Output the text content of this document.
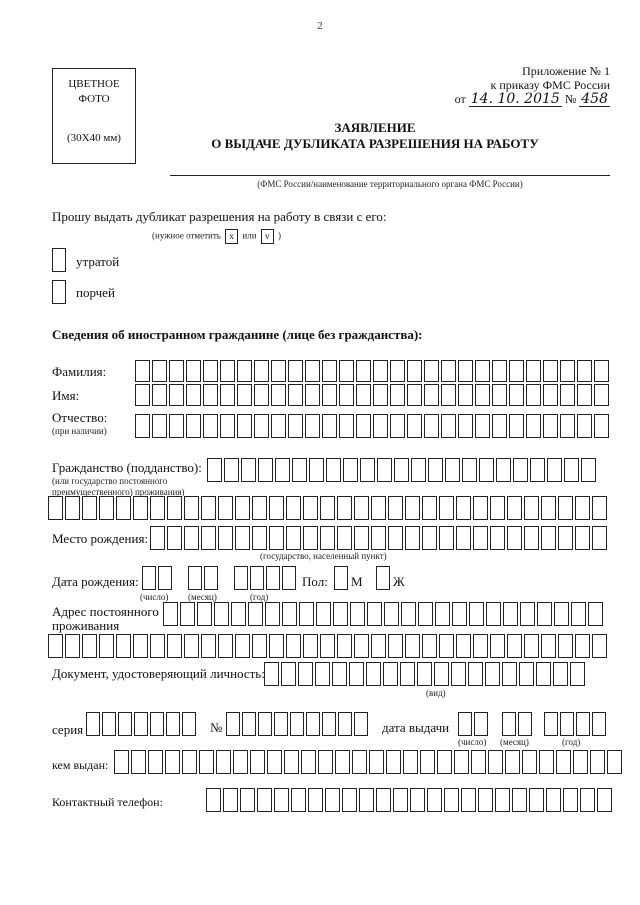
2
ЦВЕТНОЕ
ФОТО
(30Х40 мм)
Приложение № 1
к приказу ФМС России
от 14. 10. 2015 № 458
ЗАЯВЛЕНИЕ
О ВЫДАЧЕ ДУБЛИКАТА РАЗРЕШЕНИЯ НА РАБОТУ
(ФМС России/наименование территориального органа ФМС России)
Прошу выдать дубликат разрешения на работу в связи с его:
(нужное отметить x или v )
утратой
порчей
Сведения об иностранном гражданине (лице без гражданства):
Фамилия:
Имя:
Отчество:
(при наличии)
Гражданство (подданство):
(или государство постоянного
преимущественного) проживания)
Место рождения:
(государство, населенный пункт)
Дата рождения:
(число) (месяц)	(год)
Пол: М Ж
Адрес постоянного
проживания
Документ, удостоверяющий личность:
(вид)
серия	№	дата выдачи
(число) (месяц)	(год)
кем выдан:
Контактный телефон:
